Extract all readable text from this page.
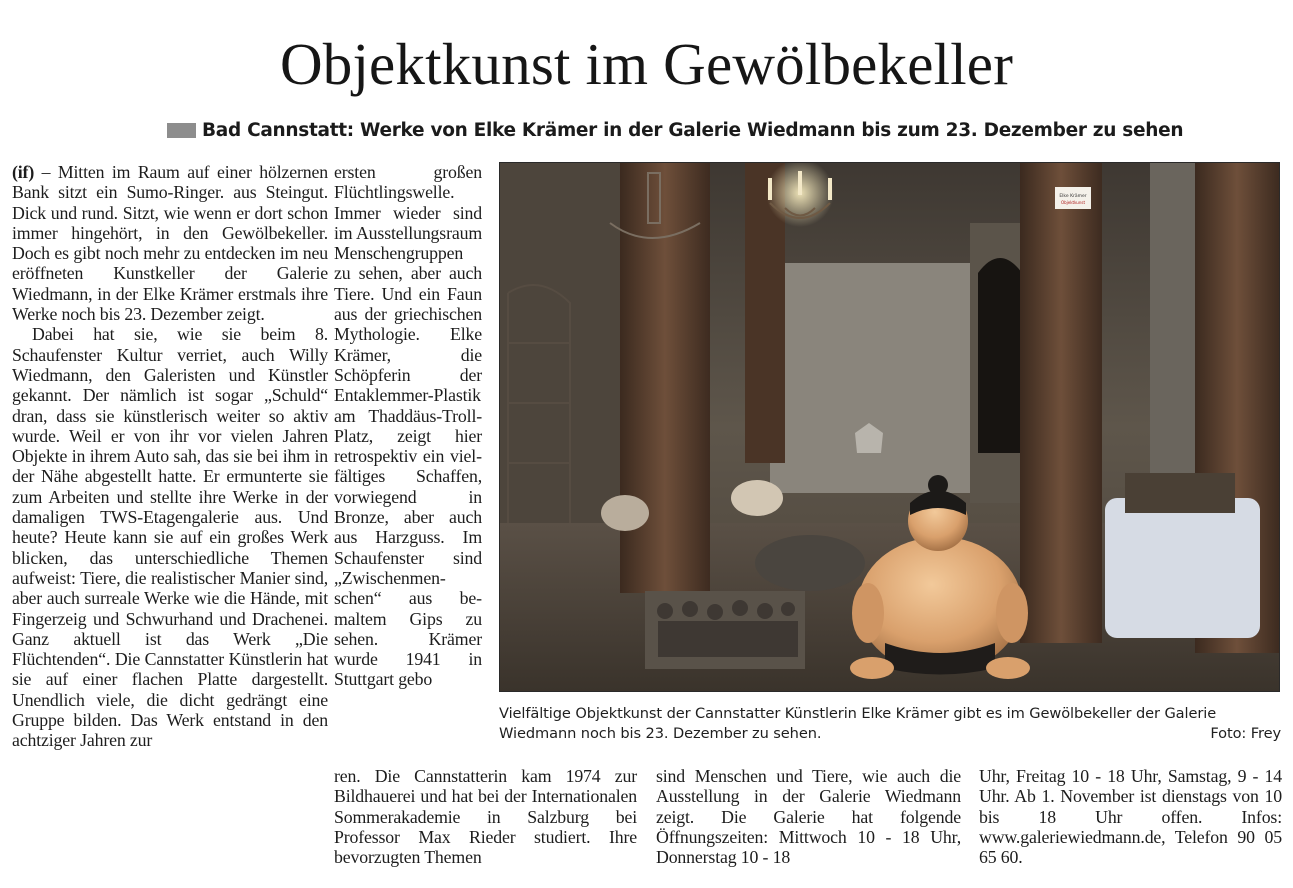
Objektkunst im Gewölbekeller
Bad Cannstatt: Werke von Elke Krämer in der Galerie Wiedmann bis zum 23. Dezember zu sehen

(if) – Mitten im Raum auf einer hölzernen Bank sitzt ein Sumo-Ringer. aus Steingut. Dick und rund. Sitzt, wie wenn er dort schon immer hingehört, in den Gewölbekeller. Doch es gibt noch mehr zu entdecken im neu eröffneten Kunstkeller der Galerie Wiedmann, in der Elke Krämer erstmals ihre Werke noch bis 23. Dezember zeigt.

Dabei hat sie, wie sie beim 8. Schaufenster Kultur verriet, auch Willy Wiedmann, den Galeristen und Künstler gekannt. Der nämlich ist sogar „Schuld“ dran, dass sie künstlerisch weiter so aktiv wurde. Weil er von ihr vor vielen Jahren Objekte in ihrem Auto sah, das sie bei ihm in der Nähe abgestellt hatte. Er ermunterte sie zum Arbeiten und stellte ihre Werke in der damaligen TWS-Etagengalerie aus. Und heute? Heute kann sie auf ein großes Werk blicken, das unterschiedliche Themen aufweist: Tiere, die realistischer Manier sind, aber auch surreale Werke wie die Hände, mit Fingerzeig und Schwurhand und Drachenei. Ganz aktuell ist das Werk „Die Flüchtenden“. Die Cannstatter Künstlerin hat sie auf einer flachen Platte dargestellt. Unendlich viele, die dicht gedrängt eine Gruppe bilden. Das Werk entstand in den achtziger Jahren zur

ersten großen Flüchtlingswelle. Immer wieder sind im Ausstellungsraum Menschengruppen zu sehen, aber auch Tiere. Und ein Faun aus der griechischen Mythologie. Elke Krämer, die Schöpferin der Entaklemmer-Plastik am Thaddäus-Troll-Platz, zeigt hier retrospektiv ein vielfältiges Schaffen, vorwiegend in Bronze, aber auch aus Harzguss. Im Schaufenster sind „Zwischenmenschen“ aus bemaltem Gips zu sehen. Krämer wurde 1941 in Stuttgart gebo

Elke Krämer
Objektkunst
Vielfältige Objektkunst der Cannstatter Künstlerin Elke Krämer gibt es im Gewölbekeller der Galerie Wiedmann noch bis 23. Dezember zu sehen.	Foto: Frey

ren. Die Cannstatterin kam 1974 zur Bildhauerei und hat bei der Internationalen Sommerakademie in Salzburg bei Professor Max Rieder studiert. Ihre bevorzugten Themen

sind Menschen und Tiere, wie auch die Ausstellung in der Galerie Wiedmann zeigt. Die Galerie hat folgende Öffnungszeiten: Mittwoch 10 - 18 Uhr, Donnerstag 10 - 18

Uhr, Freitag 10 - 18 Uhr, Samstag, 9 - 14 Uhr. Ab 1. November ist dienstags von 10 bis 18 Uhr offen. Infos: www.galeriewiedmann.de, Telefon 90 05 65 60.
